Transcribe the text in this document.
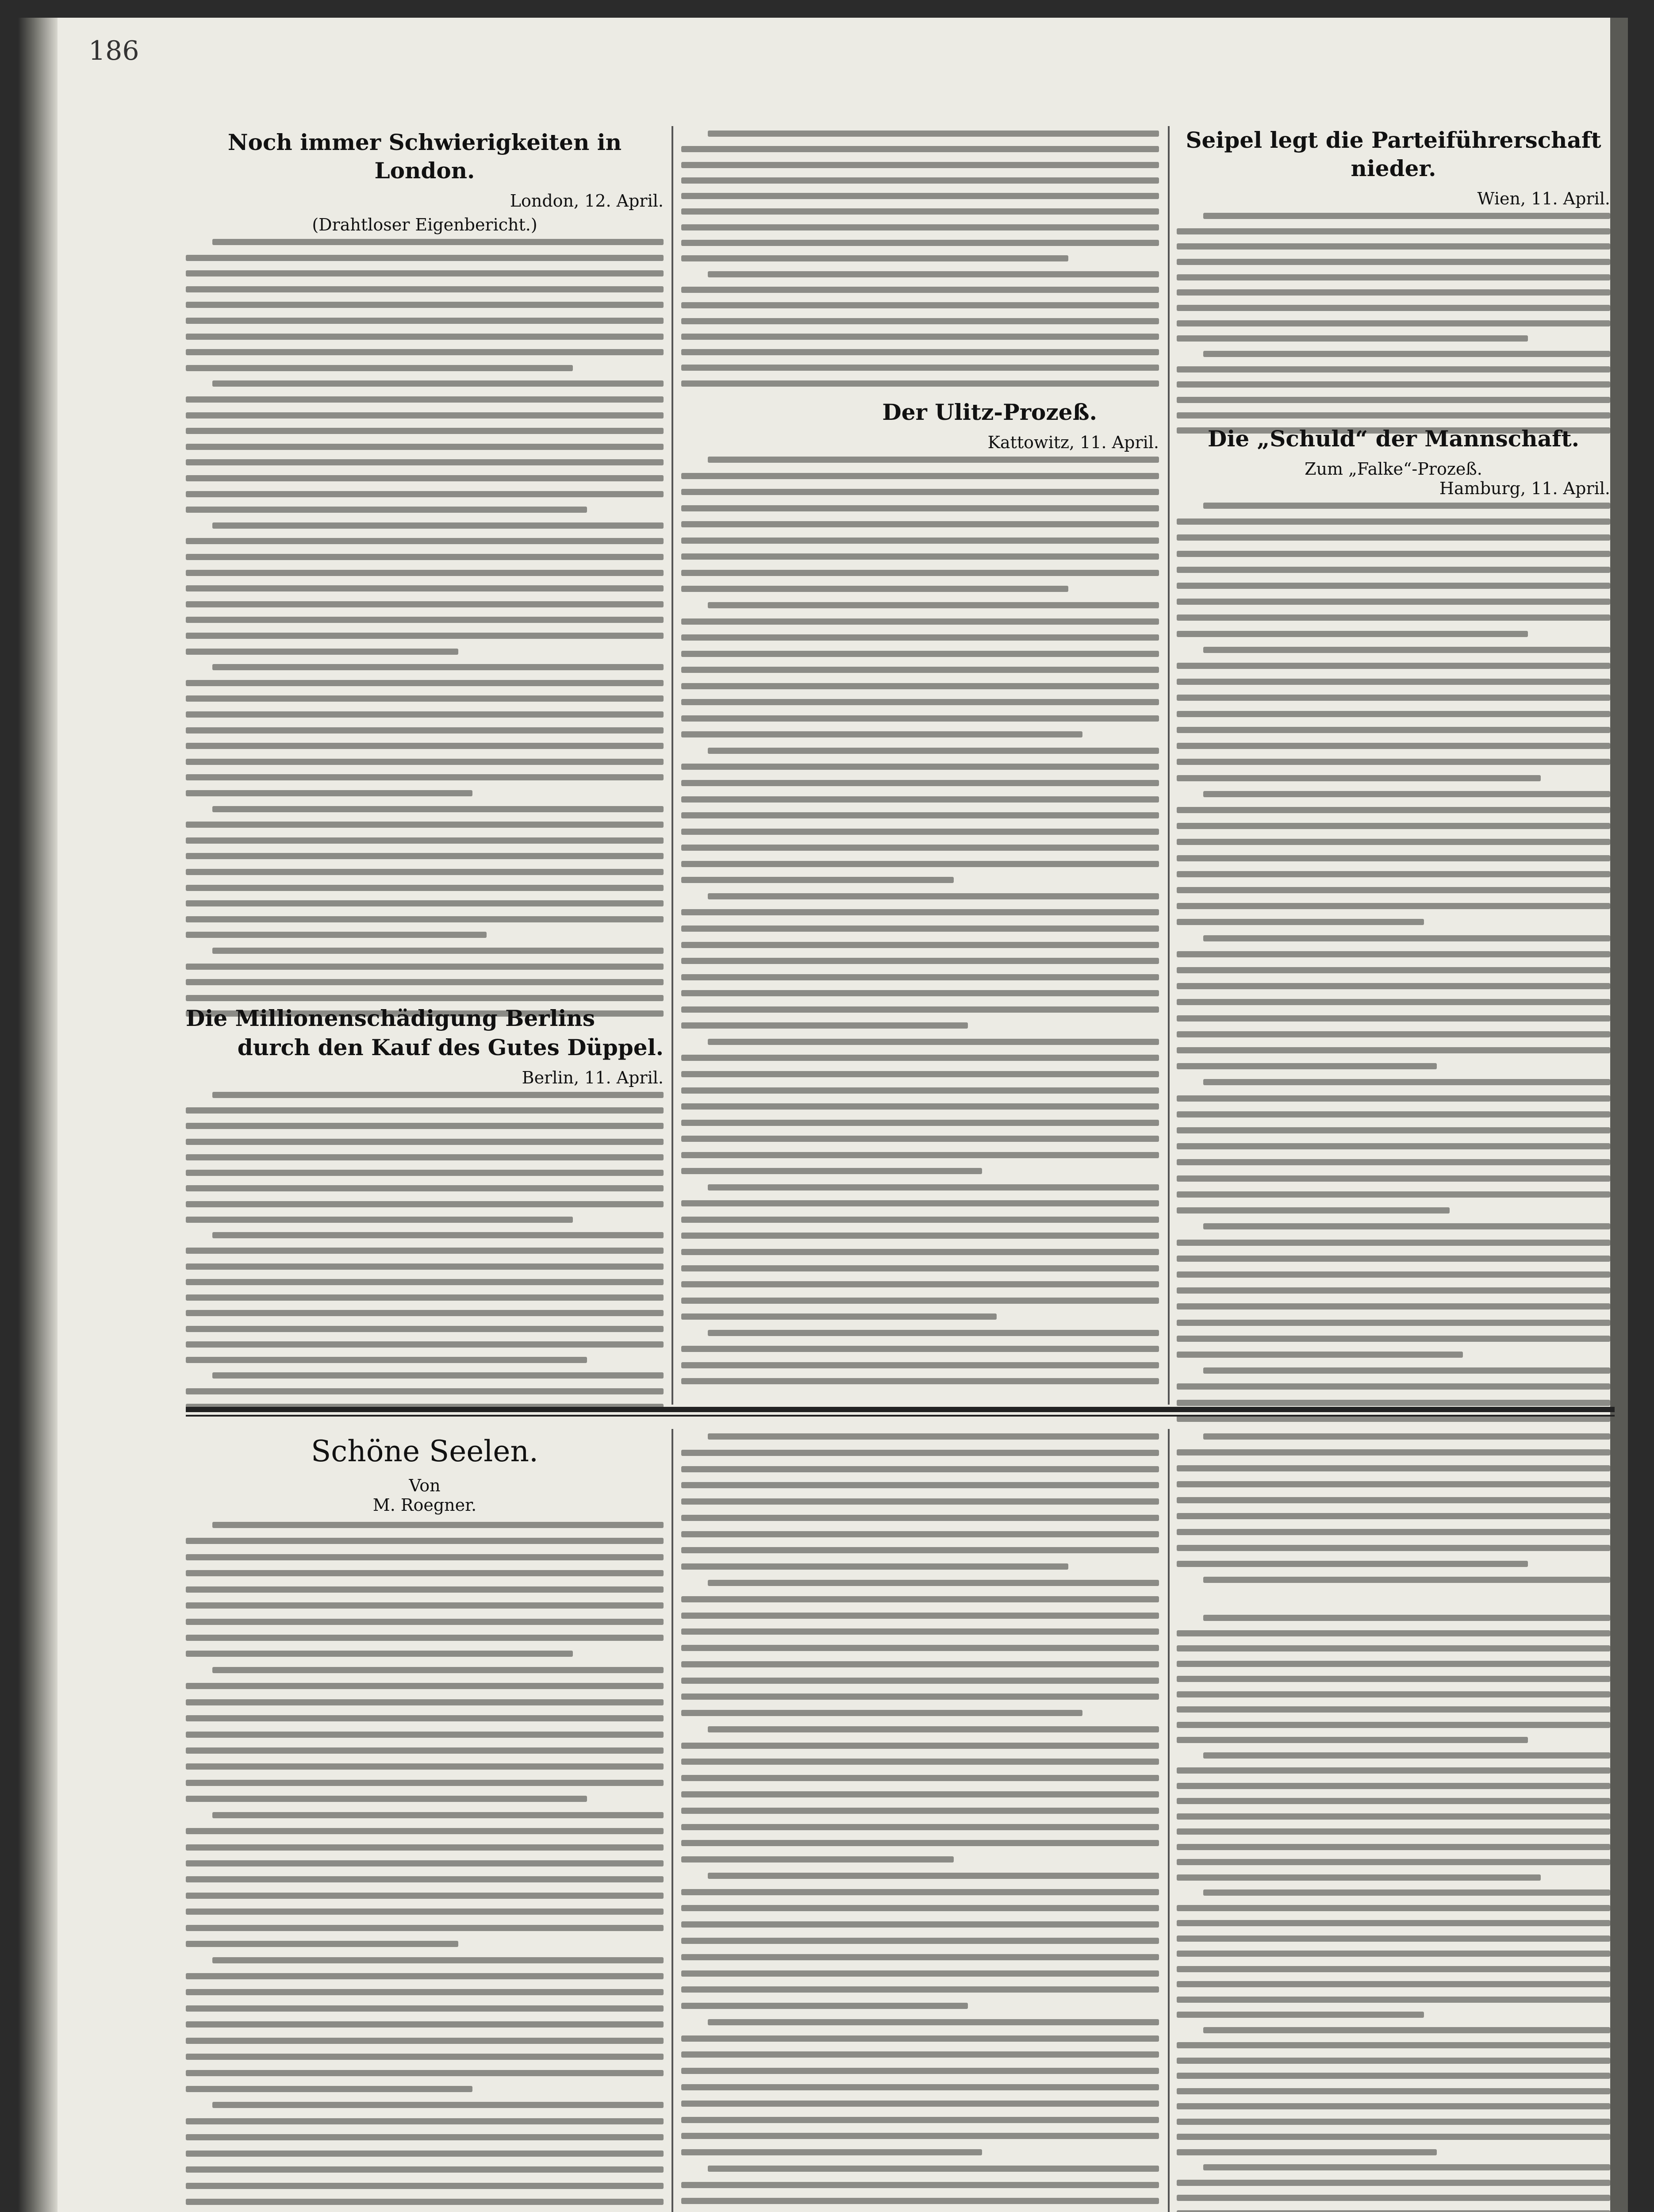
186
Noch immer Schwierigkeiten in London.
London, 12. April.
(Drahtloser Eigenbericht.)
Die Millionenschädigung Berlins
durch den Kauf des Gutes Düppel.
Berlin, 11. April.
Der Ulitz-Prozeß.
Kattowitz, 11. April.
Seipel legt die Parteiführerschaft nieder.
Wien, 11. April.
Die „Schuld“ der Mannschaft.
Zum „Falke“-Prozeß.
Hamburg, 11. April.
Schöne Seelen.
Von
M. Roegner.
